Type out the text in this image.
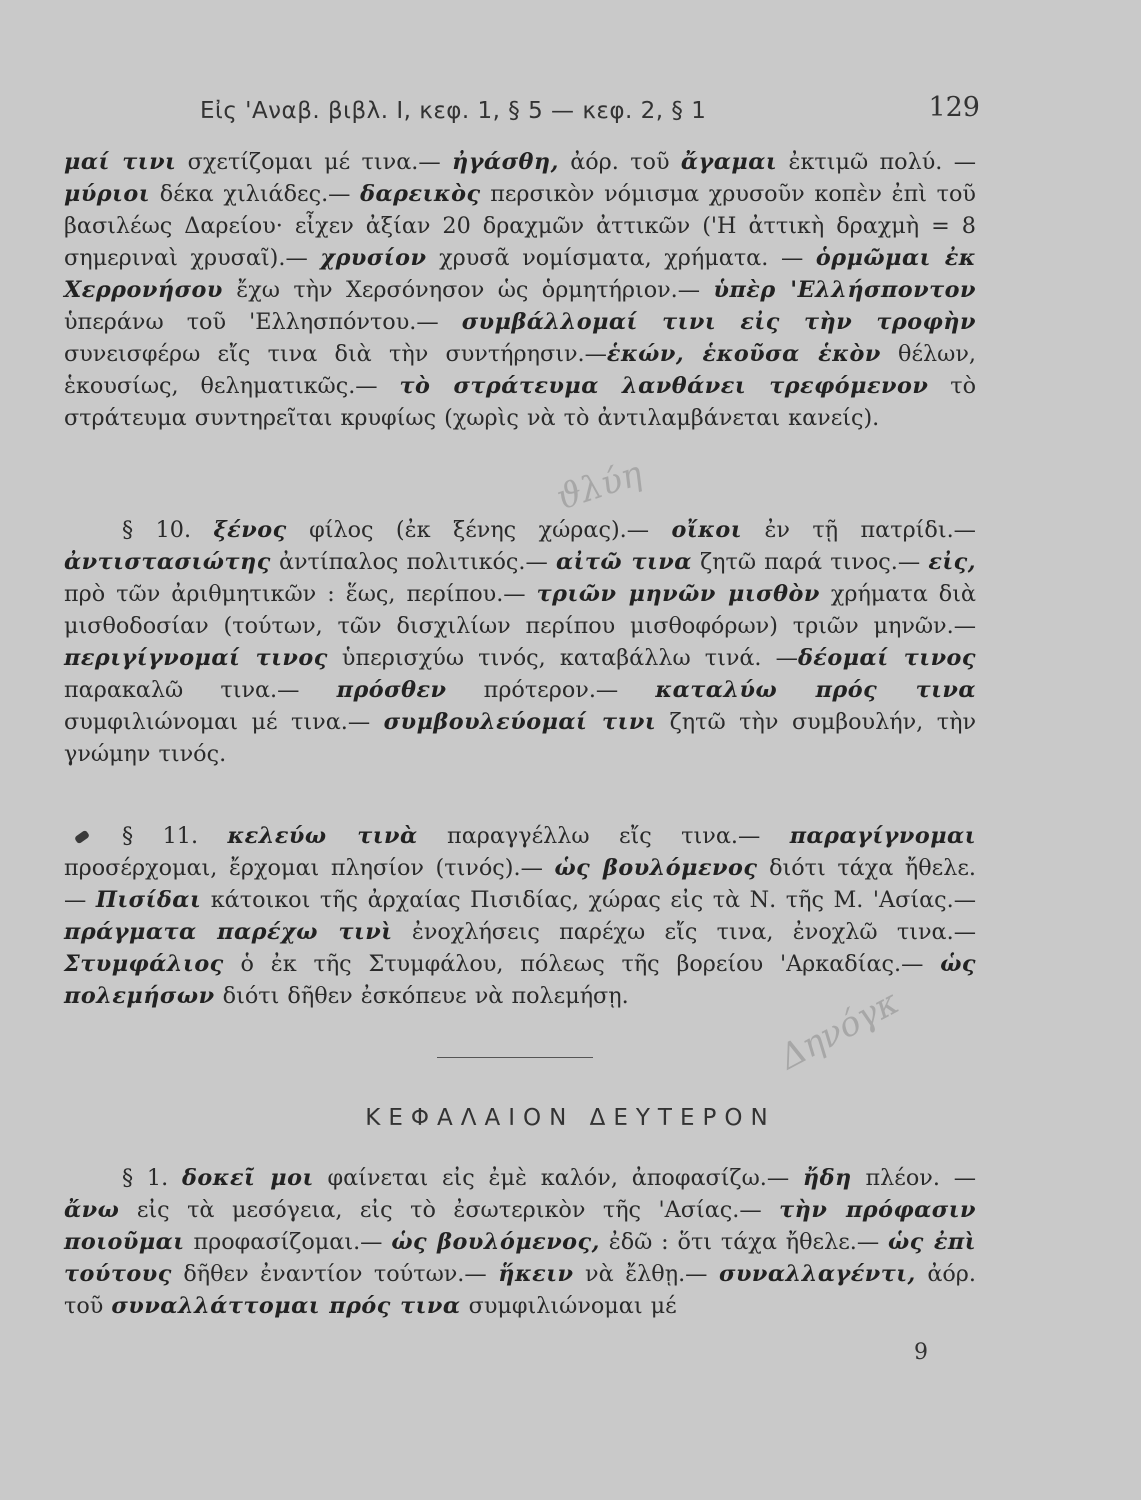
Εἰς 'Αναβ. βιβλ. I, κεφ. 1, § 5 — κεφ. 2, § 1	129

μαί τινι σχετίζομαι μέ τινα.— ἠγάσθη, ἀόρ. τοῦ ἄγαμαι ἐκτιμῶ πολύ. — μύριοι δέκα χιλιάδες.— δαρεικὸς περσικὸν νόμισμα χρυσοῦν κοπὲν ἐπὶ τοῦ βασιλέως Δαρείου· εἶχεν ἀξίαν 20 δραχμῶν ἀττικῶν ('Η ἀττικὴ δραχμὴ = 8 σημεριναὶ χρυσαῖ).— χρυσίον χρυσᾶ νομίσματα, χρήματα. — ὁρμῶμαι ἐκ Χερρονήσου ἔχω τὴν Χερσόνησον ὡς ὁρμητήριον.— ὑπὲρ 'Ελλήσποντον ὑπεράνω τοῦ 'Ελλησπόντου.— συμβάλλομαί τινι εἰς τὴν τροφὴν συνεισφέρω εἴς τινα διὰ τὴν συντήρησιν.—ἑκών, ἑκοῦσα ἑκὸν θέλων, ἑκουσίως, θεληματικῶς.— τὸ στράτευμα λανθάνει τρεφόμενον τὸ στράτευμα συντηρεῖται κρυφίως (χωρὶς νὰ τὸ ἀντιλαμβάνεται κανείς).

§ 10. ξένος φίλος (ἐκ ξένης χώρας).— οἴκοι ἐν τῇ πατρίδι.— ἀντιστασιώτης ἀντίπαλος πολιτικός.— αἰτῶ τινα ζητῶ παρά τινος.— εἰς, πρὸ τῶν ἀριθμητικῶν : ἕως, περίπου.— τριῶν μηνῶν μισθὸν χρήματα διὰ μισθοδοσίαν (τούτων, τῶν δισχιλίων περίπου μισθοφόρων) τριῶν μηνῶν.— περιγίγνομαί τινος ὑπερισχύω τινός, καταβάλλω τινά. —δέομαί τινος παρακαλῶ τινα.— πρόσθεν πρότερον.— καταλύω πρός τινα συμφιλιώνομαι μέ τινα.— συμβουλεύομαί τινι ζητῶ τὴν συμβουλήν, τὴν γνώμην τινός.

§ 11. κελεύω τινὰ παραγγέλλω εἴς τινα.— παραγίγνομαι προσέρχομαι, ἔρχομαι πλησίον (τινός).— ὡς βουλόμενος διότι τάχα ἤθελε. — Πισίδαι κάτοικοι τῆς ἀρχαίας Πισιδίας, χώρας εἰς τὰ Ν. τῆς Μ. 'Ασίας.— πράγματα παρέχω τινὶ ἐνοχλήσεις παρέχω εἴς τινα, ἐνοχλῶ τινα.— Στυμφάλιος ὁ ἐκ τῆς Στυμφάλου, πόλεως τῆς βορείου 'Αρκαδίας.— ὡς πολεμήσων διότι δῆθεν ἐσκόπευε νὰ πολεμήσῃ.

ΚΕΦΑΛΑΙΟΝ ΔΕΥΤΕΡΟΝ

§ 1. δοκεῖ μοι φαίνεται εἰς ἐμὲ καλόν, ἀποφασίζω.— ἤδη πλέον. — ἄνω εἰς τὰ μεσόγεια, εἰς τὸ ἐσωτερικὸν τῆς 'Ασίας.— τὴν πρόφασιν ποιοῦμαι προφασίζομαι.— ὡς βουλόμενος, ἐδῶ : ὅτι τάχα ἤθελε.— ὡς ἐπὶ τούτους δῆθεν ἐναντίον τούτων.— ἥκειν νὰ ἔλθῃ.— συναλλαγέντι, ἀόρ. τοῦ συναλλάττομαι πρός τινα συμφιλιώνομαι μέ

ϑλύη
Δηνόγκ
9
